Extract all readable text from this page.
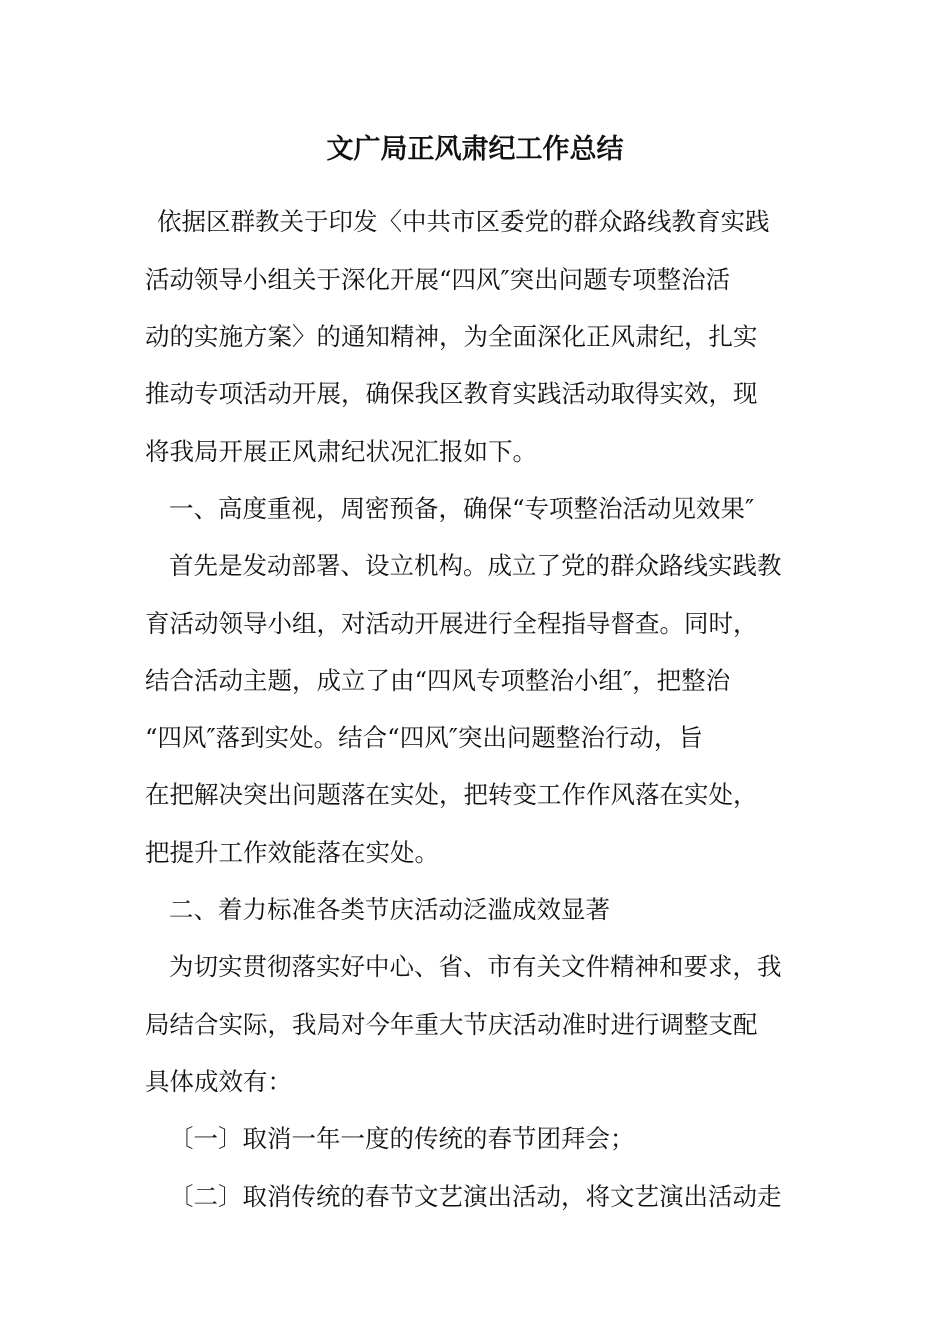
文广局正风肃纪工作总结

依据区群教关于印发〈中共市区委党的群众路线教育实践

活动领导小组关于深化开展“四风″突出问题专项整治活

动的实施方案〉的通知精神，为全面深化正风肃纪，扎实

推动专项活动开展，确保我区教育实践活动取得实效，现

将我局开展正风肃纪状况汇报如下。

一、高度重视，周密预备，确保“专项整治活动见效果″

首先是发动部署、设立机构。成立了党的群众路线实践教

育活动领导小组，对活动开展进行全程指导督查。同时，

结合活动主题，成立了由“四风专项整治小组″，把整治

“四风″落到实处。结合“四风″突出问题整治行动，旨

在把解决突出问题落在实处，把转变工作作风落在实处，

把提升工作效能落在实处。

二、着力标准各类节庆活动泛滥成效显著

为切实贯彻落实好中心、省、市有关文件精神和要求，我

局结合实际，我局对今年重大节庆活动准时进行调整支配

具体成效有：

〔一〕取消一年一度的传统的春节团拜会；

〔二〕取消传统的春节文艺演出活动，将文艺演出活动走
